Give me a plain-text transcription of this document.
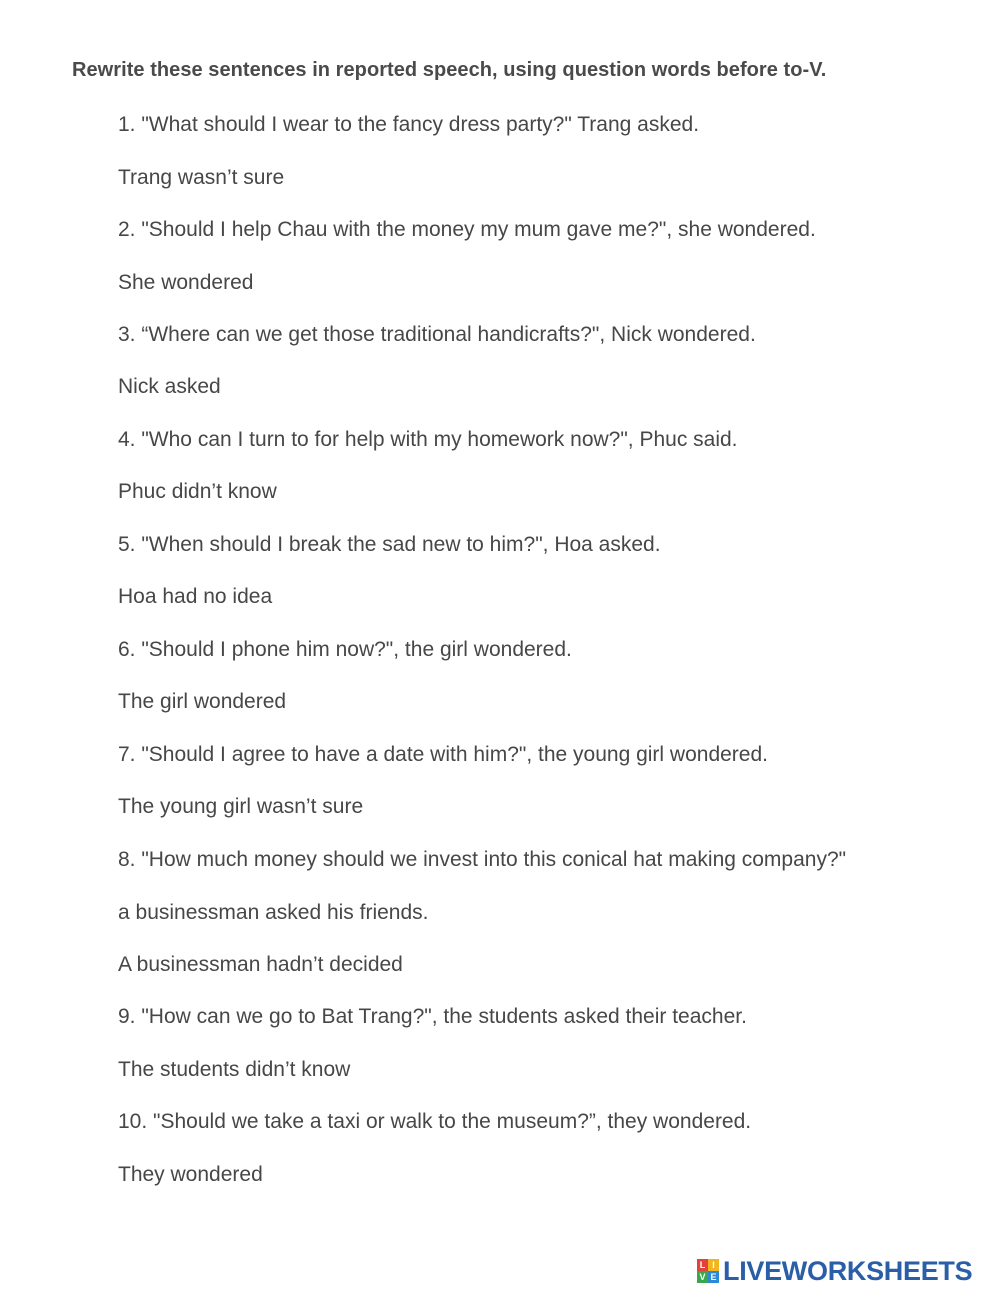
Rewrite these sentences in reported speech, using question words before to-V.
1. "What should I wear to the fancy dress party?" Trang asked.
Trang wasn’t sure
2. "Should I help Chau with the money my mum gave me?", she wondered.
She wondered
3. “Where can we get those traditional handicrafts?", Nick wondered.
Nick asked
4. "Who can I turn to for help with my homework now?", Phuc said.
Phuc didn’t know
5. "When should I break the sad new to him?", Hoa asked.
Hoa had no idea
6. "Should I phone him now?", the girl wondered.
The girl wondered
7. "Should I agree to have a date with him?", the young girl wondered.
The young girl wasn’t sure
8. "How much money should we invest into this conical hat making company?"
a businessman asked his friends.
A businessman hadn’t decided
9. "How can we go to Bat Trang?", the students asked their teacher.
The students didn’t know
10. "Should we take a taxi or walk to the museum?”, they wondered.
They wondered
L I
V E LIVEWORKSHEETS
